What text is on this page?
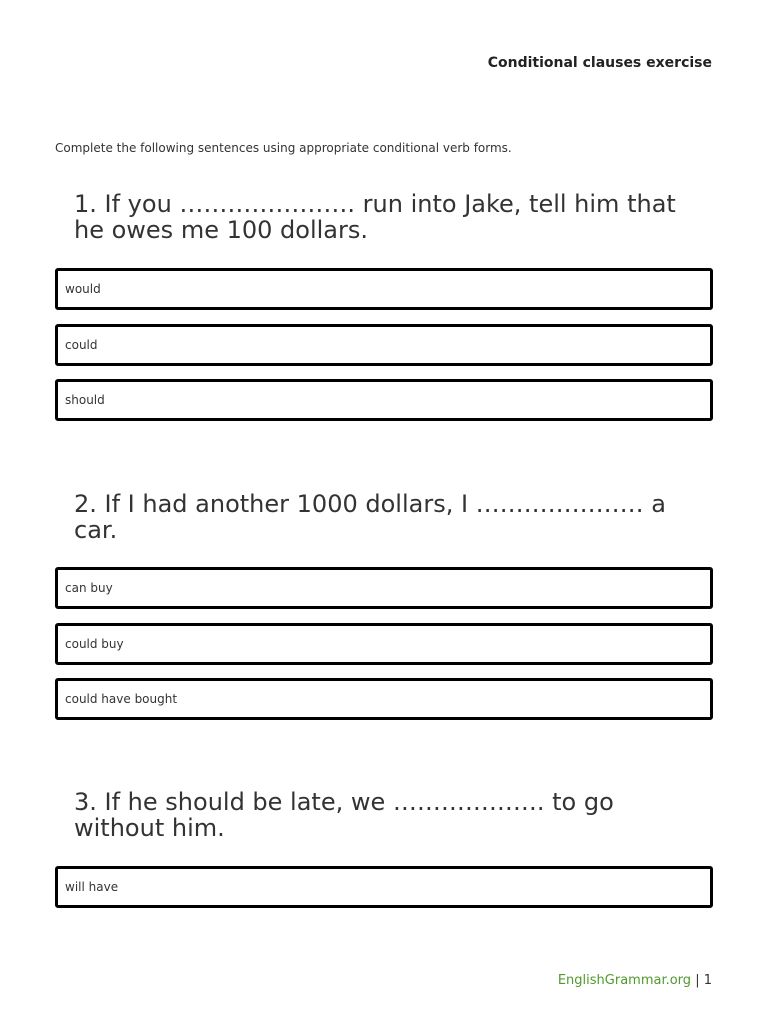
Conditional clauses exercise
Complete the following sentences using appropriate conditional verb forms.
1. If you …………………. run into Jake, tell him that he owes me 100 dollars.
would
could
should
2. If I had another 1000 dollars, I ………………… a car.
can buy
could buy
could have bought
3. If he should be late, we ………………. to go without him.
will have
EnglishGrammar.org | 1
